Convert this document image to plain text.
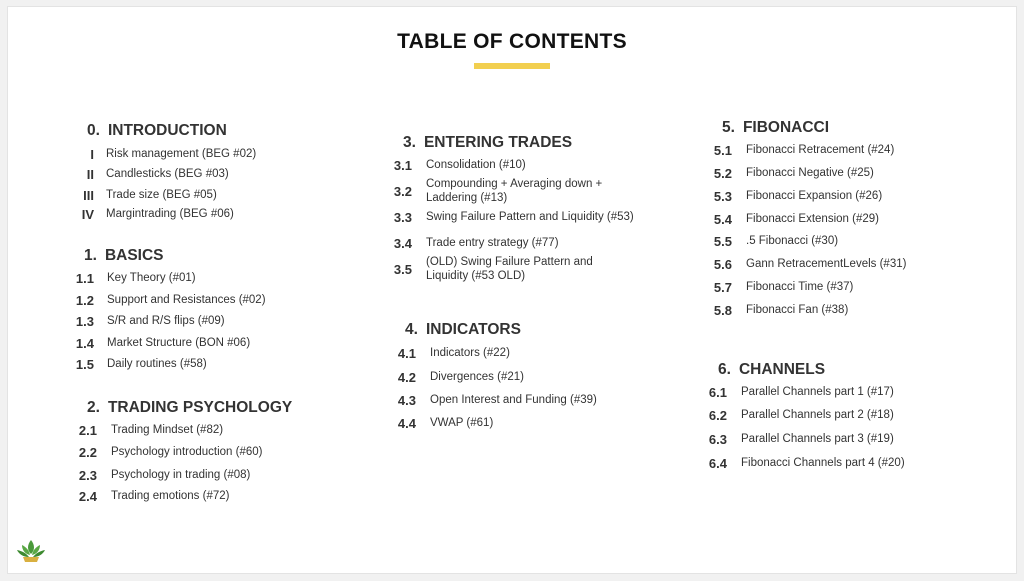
TABLE OF CONTENTS
0. INTRODUCTION
I Risk management (BEG #02)
II Candlesticks (BEG #03)
III Trade size (BEG #05)
IV Margintrading (BEG #06)
1. BASICS
1.1 Key Theory (#01)
1.2 Support and Resistances (#02)
1.3 S/R and R/S flips (#09)
1.4 Market Structure (BON #06)
1.5 Daily routines (#58)
2. TRADING PSYCHOLOGY
2.1 Trading Mindset (#82)
2.2 Psychology introduction (#60)
2.3 Psychology in trading (#08)
2.4 Trading emotions (#72)
3. ENTERING TRADES
3.1 Consolidation (#10)
3.2 Compounding + Averaging down +
Laddering (#13)
3.3 Swing Failure Pattern and Liquidity (#53)
3.4 Trade entry strategy (#77)
3.5 (OLD) Swing Failure Pattern and
Liquidity (#53 OLD)
4. INDICATORS
4.1 Indicators (#22)
4.2 Divergences (#21)
4.3 Open Interest and Funding (#39)
4.4 VWAP (#61)
5. FIBONACCI
5.1 Fibonacci Retracement (#24)
5.2 Fibonacci Negative (#25)
5.3 Fibonacci Expansion (#26)
5.4 Fibonacci Extension (#29)
5.5 .5 Fibonacci (#30)
5.6 Gann RetracementLevels (#31)
5.7 Fibonacci Time (#37)
5.8 Fibonacci Fan (#38)
6. CHANNELS
6.1 Parallel Channels part 1 (#17)
6.2 Parallel Channels part 2 (#18)
6.3 Parallel Channels part 3 (#19)
6.4 Fibonacci Channels part 4 (#20)
